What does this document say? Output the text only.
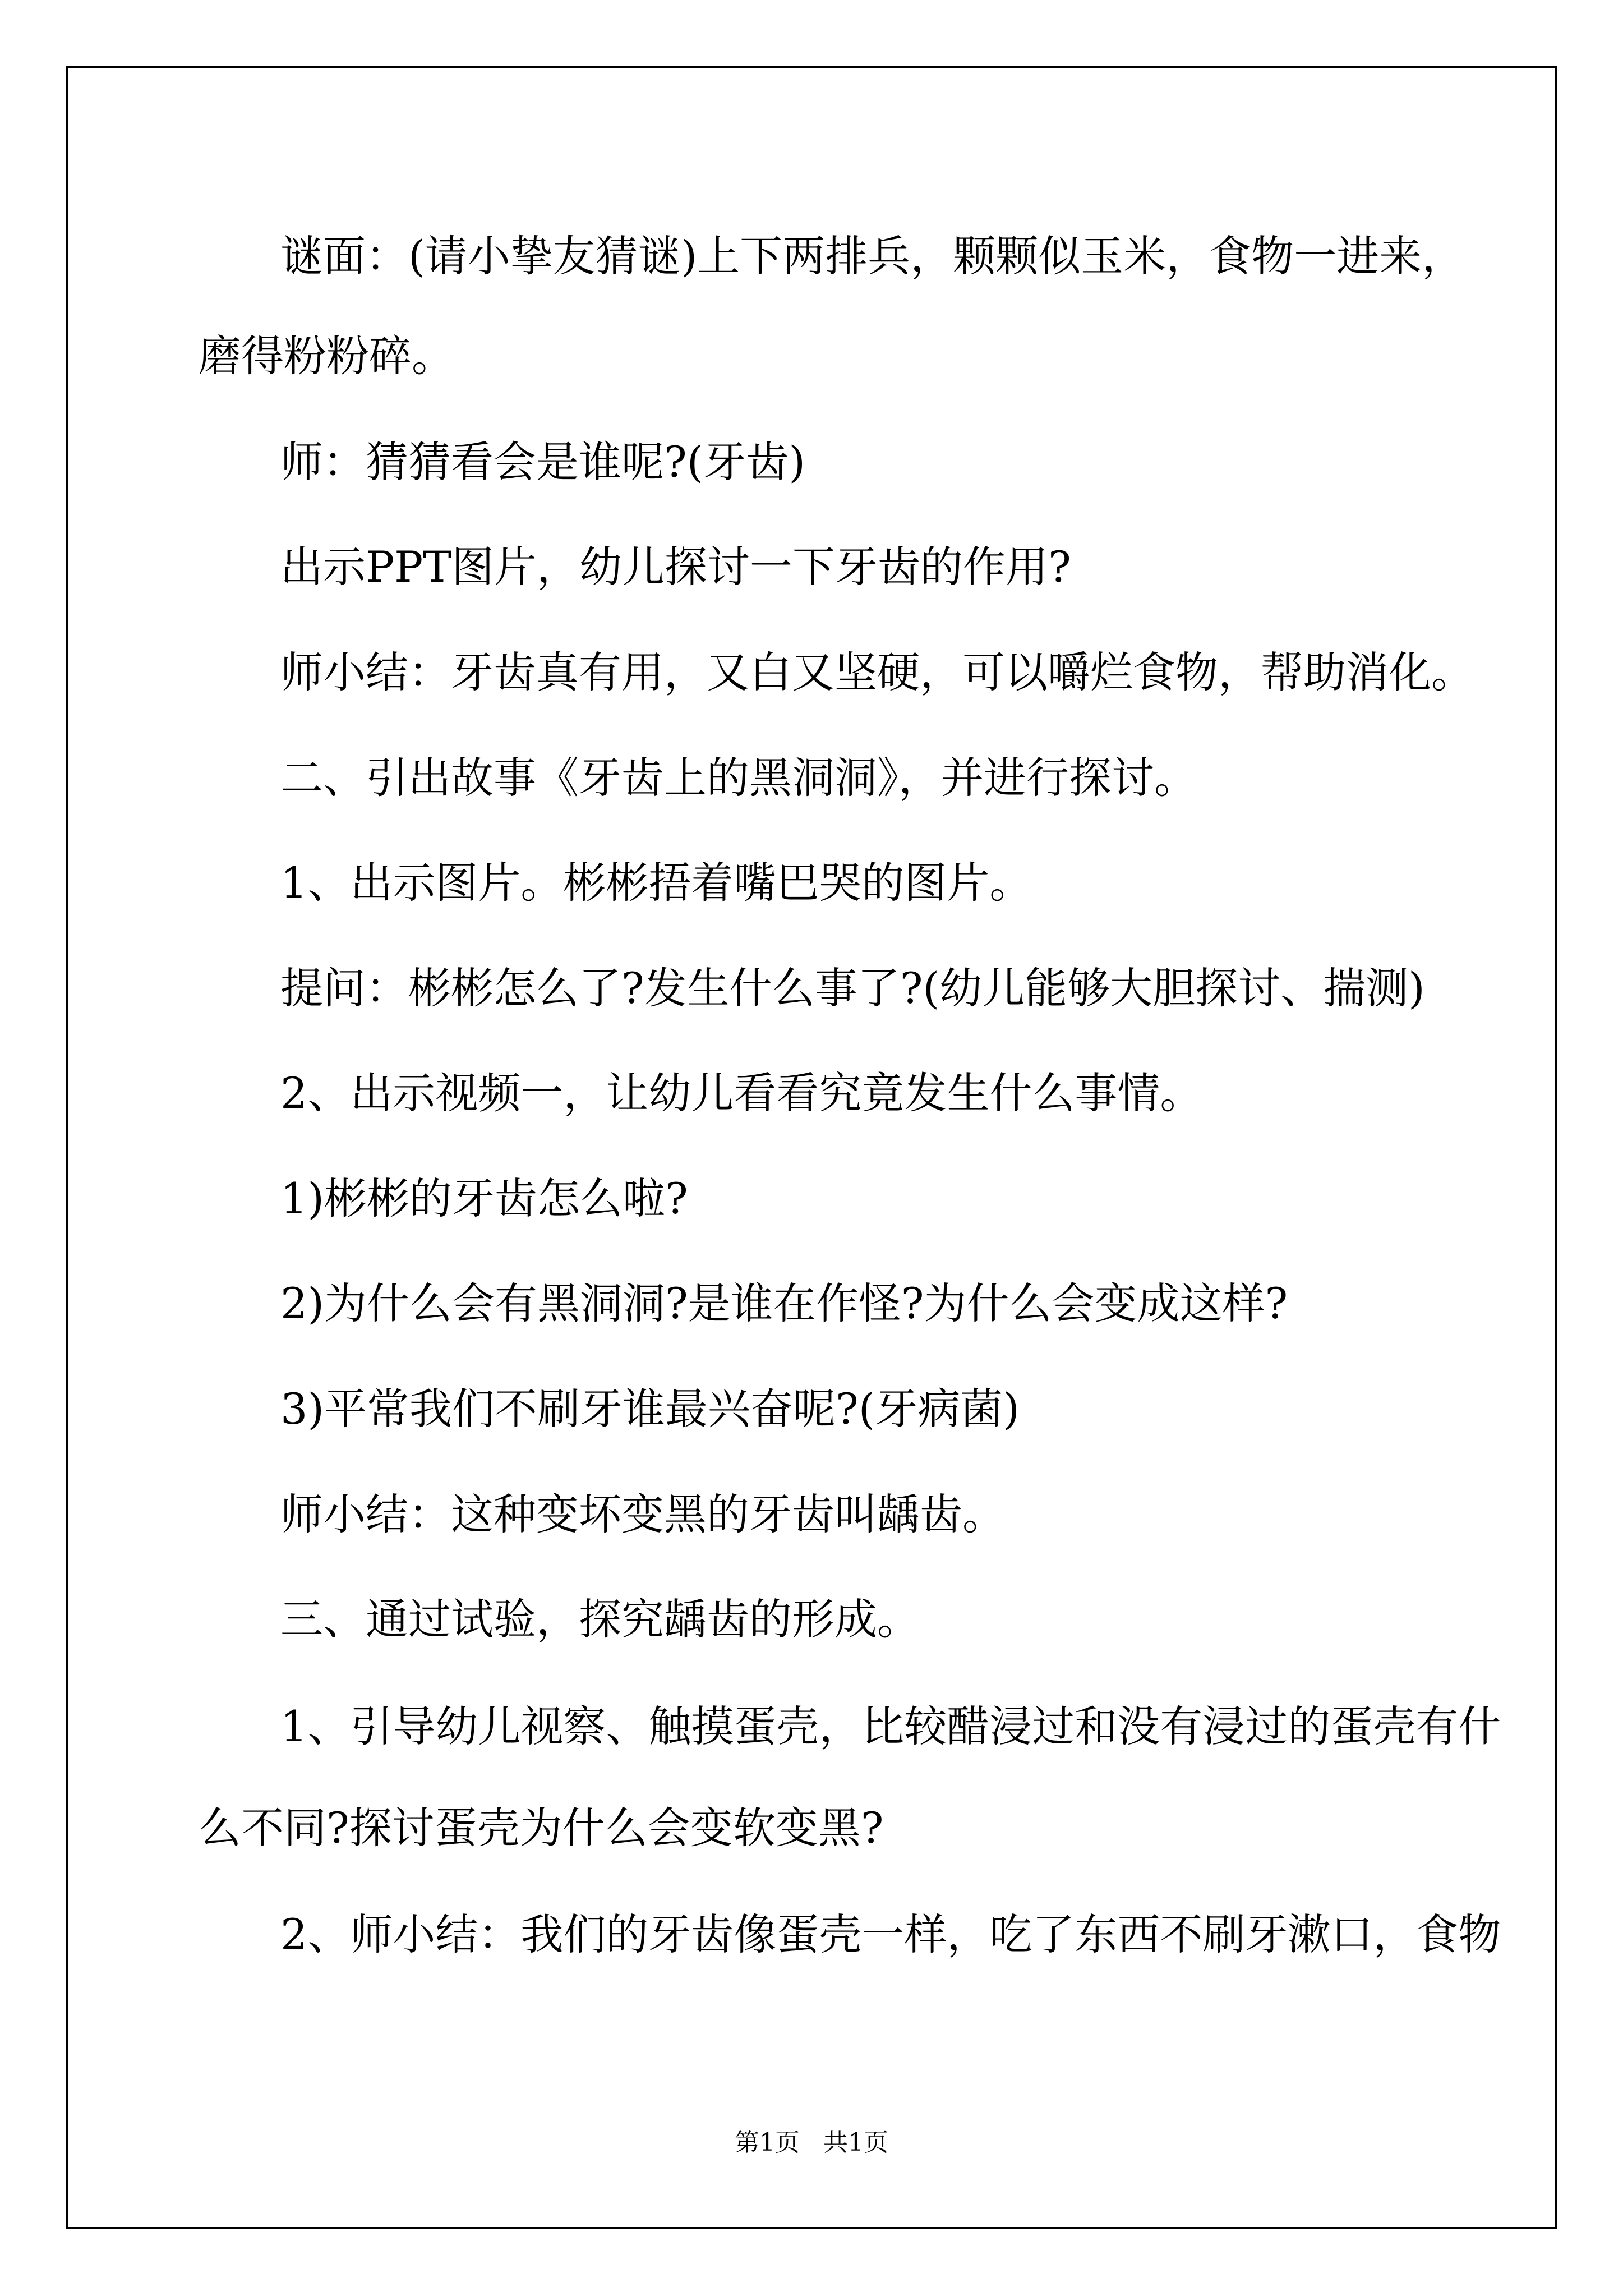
谜面：(请小挚友猜谜)上下两排兵，颗颗似玉米，食物一进来，

磨得粉粉碎。

师：猜猜看会是谁呢?(牙齿)

出示PPT图片，幼儿探讨一下牙齿的作用?

师小结：牙齿真有用，又白又坚硬，可以嚼烂食物，帮助消化。

二、引出故事《牙齿上的黑洞洞》，并进行探讨。

1、出示图片。彬彬捂着嘴巴哭的图片。

提问：彬彬怎么了?发生什么事了?(幼儿能够大胆探讨、揣测)

2、出示视频一，让幼儿看看究竟发生什么事情。

1)彬彬的牙齿怎么啦?

2)为什么会有黑洞洞?是谁在作怪?为什么会变成这样?

3)平常我们不刷牙谁最兴奋呢?(牙病菌)

师小结：这种变坏变黑的牙齿叫龋齿。

三、通过试验，探究龋齿的形成。

1、引导幼儿视察、触摸蛋壳，比较醋浸过和没有浸过的蛋壳有什

么不同?探讨蛋壳为什么会变软变黑?

2、师小结：我们的牙齿像蛋壳一样，吃了东西不刷牙漱口，食物

第1页   共1页
